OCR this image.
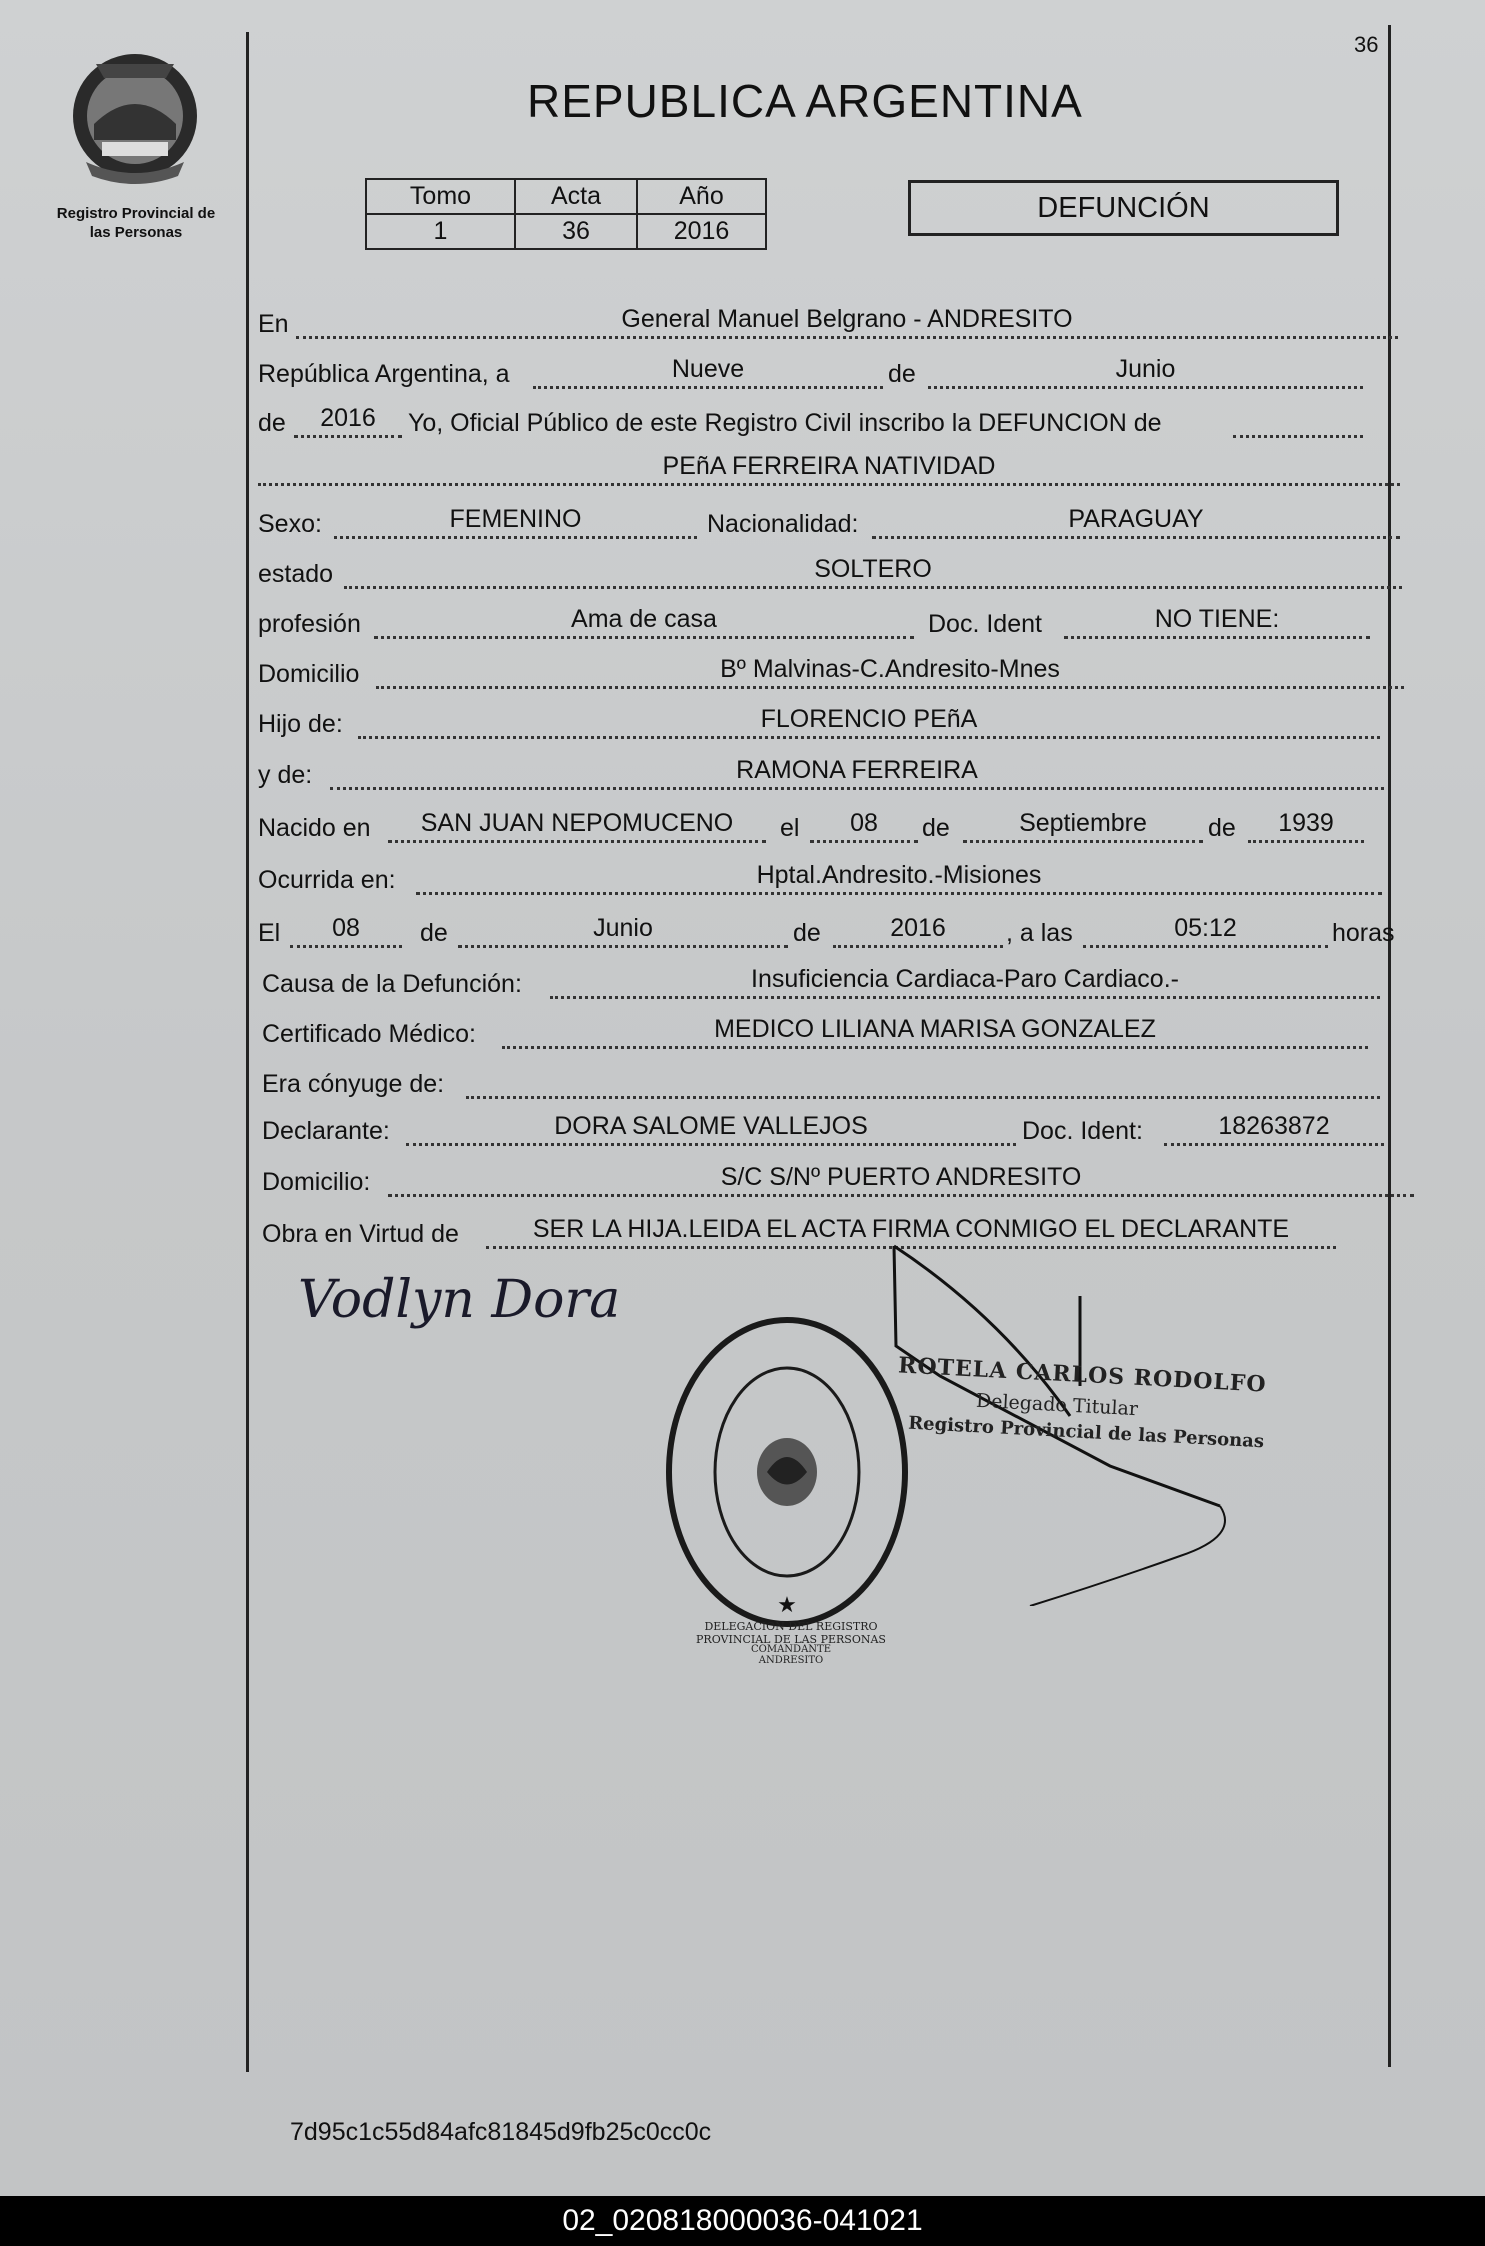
36
Registro Provincial de
las Personas
REPUBLICA ARGENTINA
Tomo	Acta	Año
1	36	2016
DEFUNCIÓN
En	General Manuel Belgrano - ANDRESITO
República Argentina, a	Nueve	de	Junio
de	2016	Yo, Oficial Público de este Registro Civil inscribo la DEFUNCION de
PEñA FERREIRA NATIVIDAD
Sexo:	FEMENINO	Nacionalidad:	PARAGUAY
estado	SOLTERO
profesión	Ama de casa	Doc. Ident	NO TIENE:
Domicilio	Bº Malvinas-C.Andresito-Mnes
Hijo de:	FLORENCIO PEñA
y de:	RAMONA FERREIRA
Nacido en	SAN JUAN NEPOMUCENO	el	08	de	Septiembre	de	1939
Ocurrida en:	Hptal.Andresito.-Misiones
El	08	de	Junio	de	2016	, a las	05:12	horas
Causa de la Defunción:	Insuficiencia Cardiaca-Paro Cardiaco.-
Certificado Médico:	MEDICO LILIANA MARISA GONZALEZ
Era cónyuge de:
Declarante:	DORA SALOME VALLEJOS	Doc. Ident:	18263872
Domicilio:	S/C S/Nº PUERTO ANDRESITO
Obra en Virtud de	SER LA HIJA.LEIDA EL ACTA FIRMA CONMIGO EL DECLARANTE
Vodlyn Dora
★
DELEGACION DEL REGISTRO PROVINCIAL DE LAS PERSONAS
COMANDANTE ANDRESITO
ROTELA CARLOS RODOLFO
Delegado Titular
Registro Provincial de las Personas
7d95c1c55d84afc81845d9fb25c0cc0c
02_020818000036-041021
